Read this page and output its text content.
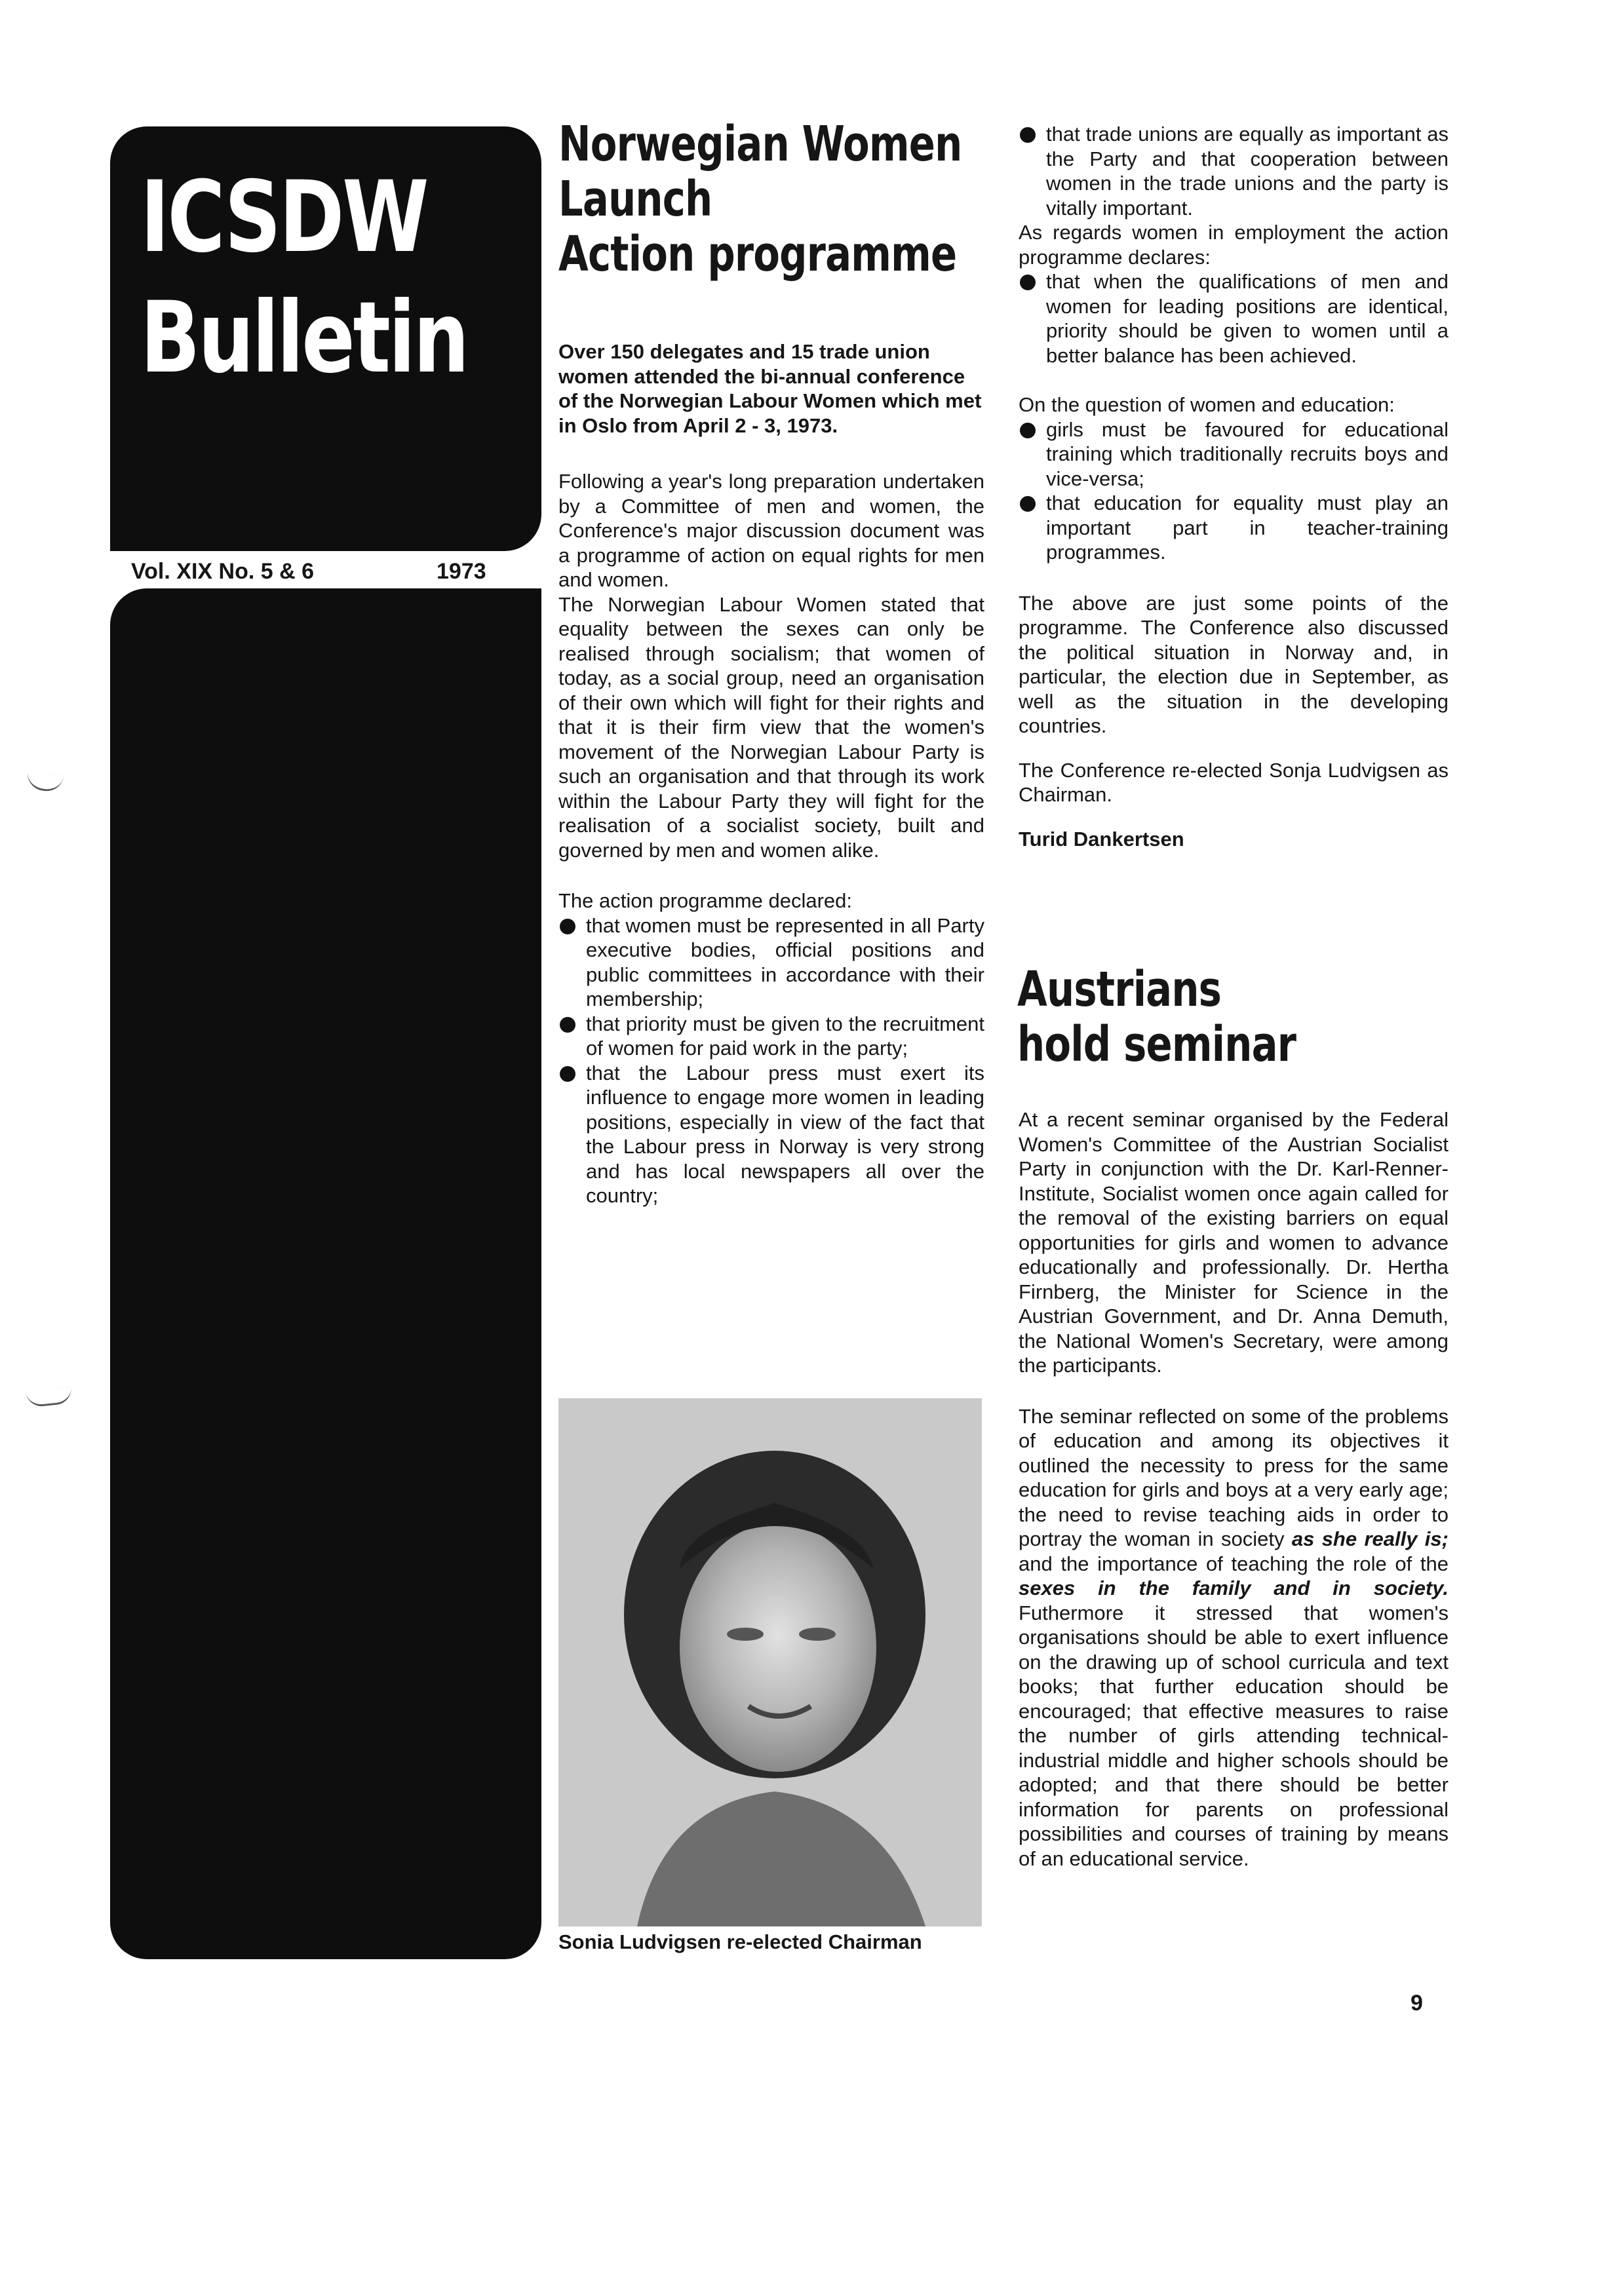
ICSDW
Bulletin
Vol. XIX No. 5 & 6	1973
Norwegian Women
Launch
Action programme

Over 150 delegates and 15 trade union women attended the bi-annual conference of the Norwegian Labour Women which met in Oslo from April 2 - 3, 1973.

Following a year's long preparation undertaken by a Committee of men and women, the Conference's major discussion document was a programme of action on equal rights for men and women.

The Norwegian Labour Women stated that equality between the sexes can only be realised through socialism; that women of today, as a social group, need an organisation of their own which will fight for their rights and that it is their firm view that the women's movement of the Norwegian Labour Party is such an organisation and that through its work within the Labour Party they will fight for the realisation of a socialist society, built and governed by men and women alike.

The action programme declared:

that women must be represented in all Party executive bodies, official positions and public committees in accordance with their membership;

that priority must be given to the recruitment of women for paid work in the party;

that the Labour press must exert its influence to engage more women in leading positions, especially in view of the fact that the Labour press in Norway is very strong and has local newspapers all over the country;

Sonia Ludvigsen re-elected Chairman

that trade unions are equally as important as the Party and that cooperation between women in the trade unions and the party is vitally important.

As regards women in employment the action programme declares:

that when the qualifications of men and women for leading positions are identical, priority should be given to women until a better balance has been achieved.

On the question of women and education:

girls must be favoured for educational training which traditionally recruits boys and vice-versa;

that education for equality must play an important part in teacher-training programmes.

The above are just some points of the programme. The Conference also discussed the political situation in Norway and, in particular, the election due in September, as well as the situation in the developing countries.

The Conference re-elected Sonja Ludvigsen as Chairman.

Turid Dankertsen

Austrians
hold seminar

At a recent seminar organised by the Federal Women's Committee of the Austrian Socialist Party in conjunction with the Dr. Karl-Renner-Institute, Socialist women once again called for the removal of the existing barriers on equal opportunities for girls and women to advance educationally and professionally. Dr. Hertha Firnberg, the Minister for Science in the Austrian Government, and Dr. Anna Demuth, the National Women's Secretary, were among the participants.

The seminar reflected on some of the problems of education and among its objectives it outlined the necessity to press for the same education for girls and boys at a very early age; the need to revise teaching aids in order to portray the woman in society as she really is; and the importance of teaching the role of the sexes in the family and in society. Futhermore it stressed that women's organisations should be able to exert influence on the drawing up of school curricula and text books; that further education should be encouraged; that effective measures to raise the number of girls attending technical-industrial middle and higher schools should be adopted; and that there should be better information for parents on professional possibilities and courses of training by means of an educational service.

9
